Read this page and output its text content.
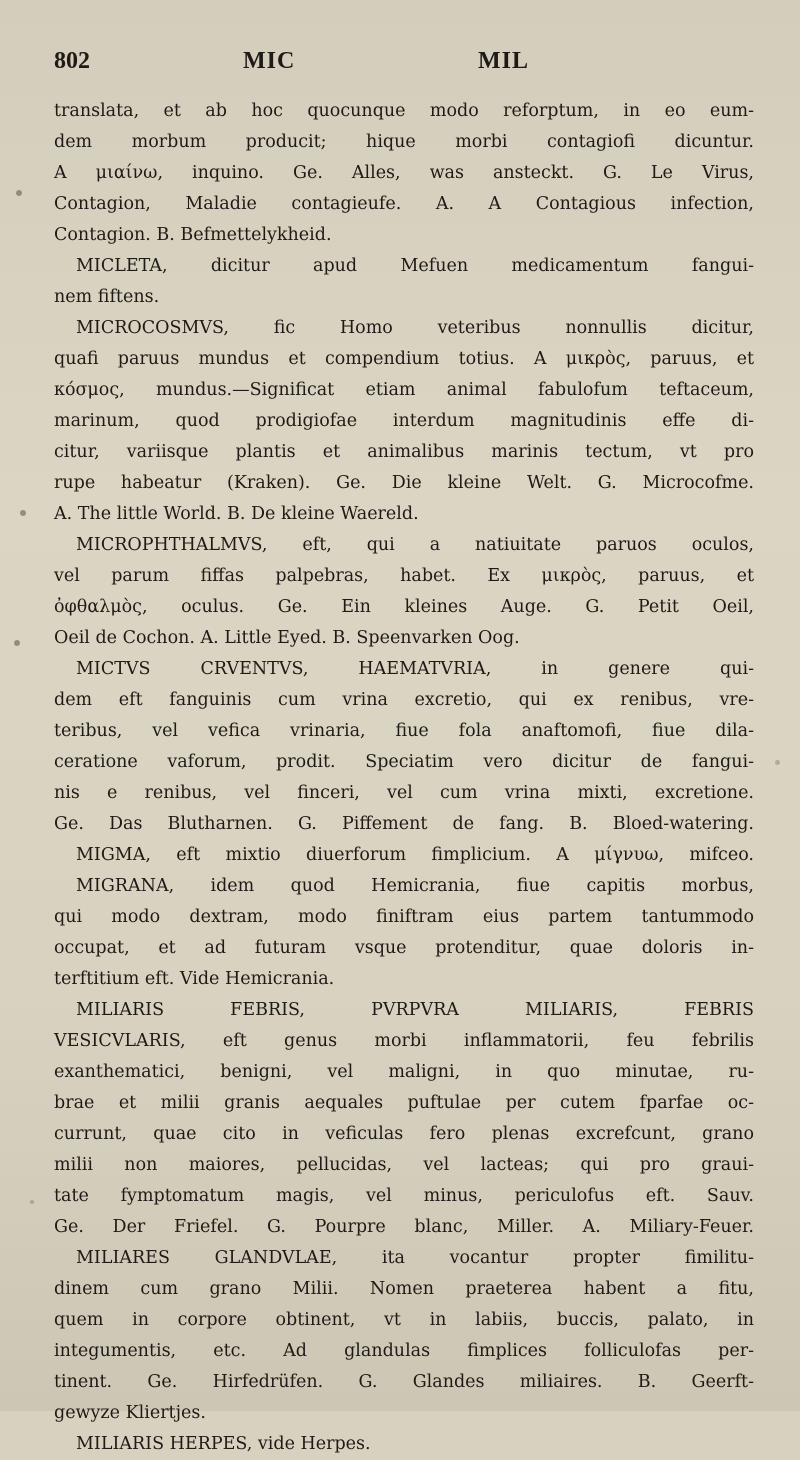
802	MIC	MIL
translata, et ab hoc quocunque modo reforptum, in eo eum-
dem morbum producit; hique morbi contagiofi dicuntur.
A μιαίνω, inquino. Ge. Alles, was ansteckt. G. Le Virus,
Contagion, Maladie contagieufe. A. A Contagious infection,
Contagion. B. Befmettelykheid.
MICLETA, dicitur apud Mefuen medicamentum fangui-
nem fiftens.
MICROCOSMVS, fic Homo veteribus nonnullis dicitur,
quafi paruus mundus et compendium totius. A μικρὸς, paruus, et
κόσμος, mundus.—Significat etiam animal fabulofum teftaceum,
marinum, quod prodigiofae interdum magnitudinis effe di-
citur, variisque plantis et animalibus marinis tectum, vt pro
rupe habeatur (Kraken). Ge. Die kleine Welt. G. Microcofme.
A. The little World. B. De kleine Waereld.
MICROPHTHALMVS, eft, qui a natiuitate paruos oculos,
vel parum fiffas palpebras, habet. Ex μικρὸς, paruus, et
ὀφθαλμὸς, oculus. Ge. Ein kleines Auge. G. Petit Oeil,
Oeil de Cochon. A. Little Eyed. B. Speenvarken Oog.
MICTVS CRVENTVS, HAEMATVRIA, in genere qui-
dem eft fanguinis cum vrina excretio, qui ex renibus, vre-
teribus, vel vefica vrinaria, fiue fola anaftomofi, fiue dila-
ceratione vaforum, prodit. Speciatim vero dicitur de fangui-
nis e renibus, vel finceri, vel cum vrina mixti, excretione.
Ge. Das Blutharnen. G. Piffement de fang. B. Bloed-watering.
MIGMA, eft mixtio diuerforum fimplicium. A μίγνυω, mifceo.
MIGRANA, idem quod Hemicrania, fiue capitis morbus,
qui modo dextram, modo finiftram eius partem tantummodo
occupat, et ad futuram vsque protenditur, quae doloris in-
terftitium eft. Vide Hemicrania.
MILIARIS FEBRIS, PVRPVRA MILIARIS, FEBRIS
VESICVLARIS, eft genus morbi inflammatorii, feu febrilis
exanthematici, benigni, vel maligni, in quo minutae, ru-
brae et milii granis aequales puftulae per cutem fparfae oc-
currunt, quae cito in veficulas fero plenas excrefcunt, grano
milii non maiores, pellucidas, vel lacteas; qui pro graui-
tate fymptomatum magis, vel minus, periculofus eft. Sauv.
Ge. Der Friefel. G. Pourpre blanc, Miller. A. Miliary-Feuer.
MILIARES GLANDVLAE, ita vocantur propter fimilitu-
dinem cum grano Milii. Nomen praeterea habent a fitu,
quem in corpore obtinent, vt in labiis, buccis, palato, in
integumentis, etc. Ad glandulas fimplices folliculofas per-
tinent. Ge. Hirfedrüfen. G. Glandes miliaires. B. Geerft-
gewyze Kliertjes.
MILIARIS HERPES, vide Herpes.
